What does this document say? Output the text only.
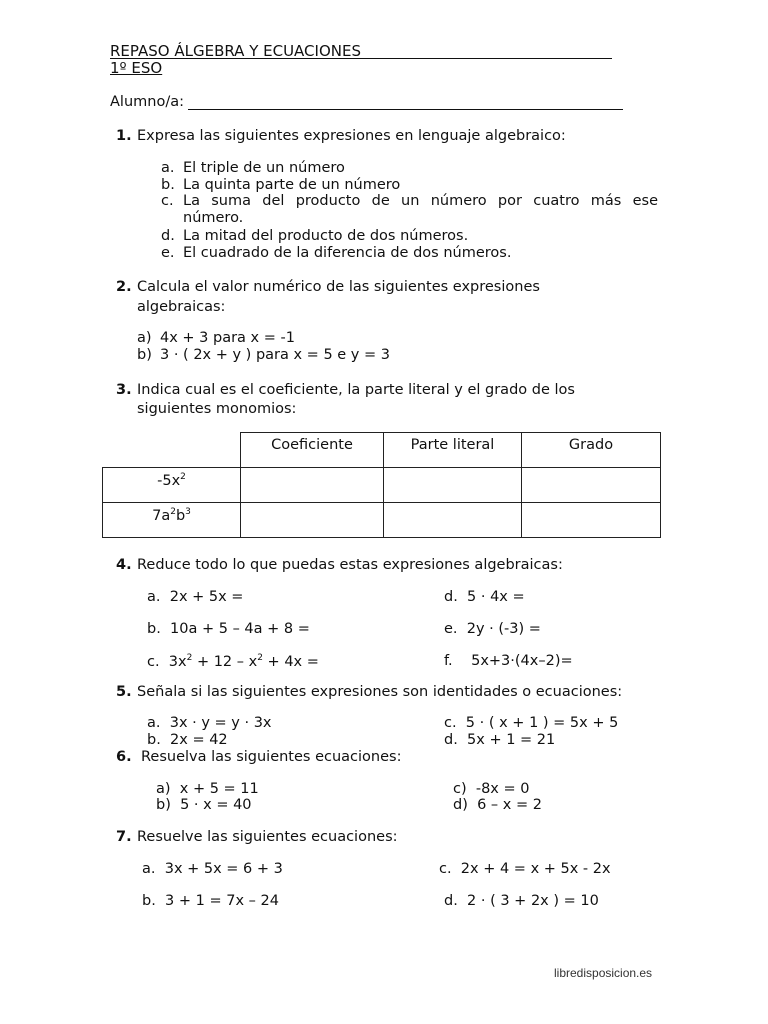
REPASO ÁLGEBRA Y ECUACIONES
1º ESO
Alumno/a:
1. Expresa las siguientes expresiones en lenguaje algebraico:
a. El triple de un número
b. La quinta parte de un número
c. La suma del producto de un número por cuatro más ese
número.
d. La mitad del producto de dos números.
e. El cuadrado de la diferencia de dos números.
2. Calcula el valor numérico de las siguientes expresiones
algebraicas:
a) 4x + 3 para x = -1
b) 3 · ( 2x + y ) para x = 5 e y = 3
3. Indica cual es el coeficiente, la parte literal y el grado de los
siguientes monomios:
	Coeficiente	Parte literal	Grado
$-5x^2$			
$7a^2b^3$			
4. Reduce todo lo que puedas estas expresiones algebraicas:
a.  2x + 5x =
b.  10a + 5 – 4a + 8 =
c.  $3x^2 + 12 - x^2 + 4x$ =
d.  5 · 4x =
e.  2y · (-3) =
f.    5x+3·(4x–2)=
5. Señala si las siguientes expresiones son identidades o ecuaciones:
a.  3x · y = y · 3x
b.  2x = 42
c.  5 · ( x + 1 ) = 5x + 5
d.  5x + 1 = 21
6. Resuelva las siguientes ecuaciones:
a)  x + 5 = 11
b)  5 · x = 40
c)  -8x = 0
d)  6 – x = 2
7. Resuelve las siguientes ecuaciones:
a.  3x + 5x = 6 + 3
b.  3 + 1 = 7x – 24
c.  2x + 4 = x + 5x - 2x
d.  2 · ( 3 + 2x ) = 10
libredisposicion.es
